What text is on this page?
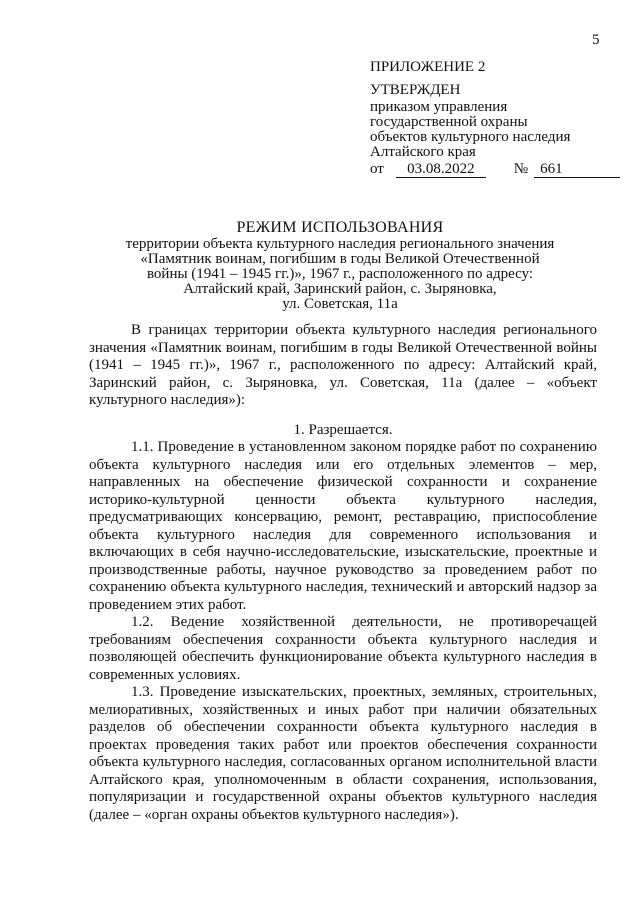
5
ПРИЛОЖЕНИЕ 2
УТВЕРЖДЕН
приказом управления
государственной охраны
объектов культурного наследия
Алтайского края
от	03.08.2022	№ 661
РЕЖИМ ИСПОЛЬЗОВАНИЯ
территории объекта культурного наследия регионального значения
«Памятник воинам, погибшим в годы Великой Отечественной
войны (1941 – 1945 гг.)», 1967 г., расположенного по адресу:
Алтайский край, Заринский район, с. Зыряновка,
ул. Советская, 11а

В границах территории объекта культурного наследия регионального значения «Памятник воинам, погибшим в годы Великой Отечественной войны (1941 – 1945 гг.)», 1967 г., расположенного по адресу: Алтайский край, Заринский район, с. Зыряновка, ул. Советская, 11а (далее – «объект культурного наследия»):

1. Разрешается.

1.1. Проведение в установленном законом порядке работ по сохранению объекта культурного наследия или его отдельных элементов – мер, направленных на обеспечение физической сохранности и сохранение историко-культурной ценности объекта культурного наследия, предусматривающих консервацию, ремонт, реставрацию, приспособление объекта культурного наследия для современного использования и включающих в себя научно-исследовательские, изыскательские, проектные и производственные работы, научное руководство за проведением работ по сохранению объекта культурного наследия, технический и авторский надзор за проведением этих работ.

1.2. Ведение хозяйственной деятельности, не противоречащей требованиям обеспечения сохранности объекта культурного наследия и позволяющей обеспечить функционирование объекта культурного наследия в современных условиях.

1.3. Проведение изыскательских, проектных, земляных, строительных, мелиоративных, хозяйственных и иных работ при наличии обязательных разделов об обеспечении сохранности объекта культурного наследия в проектах проведения таких работ или проектов обеспечения сохранности объекта культурного наследия, согласованных органом исполнительной власти Алтайского края, уполномоченным в области сохранения, использования, популяризации и государственной охраны объектов культурного наследия (далее – «орган охраны объектов культурного наследия»).
